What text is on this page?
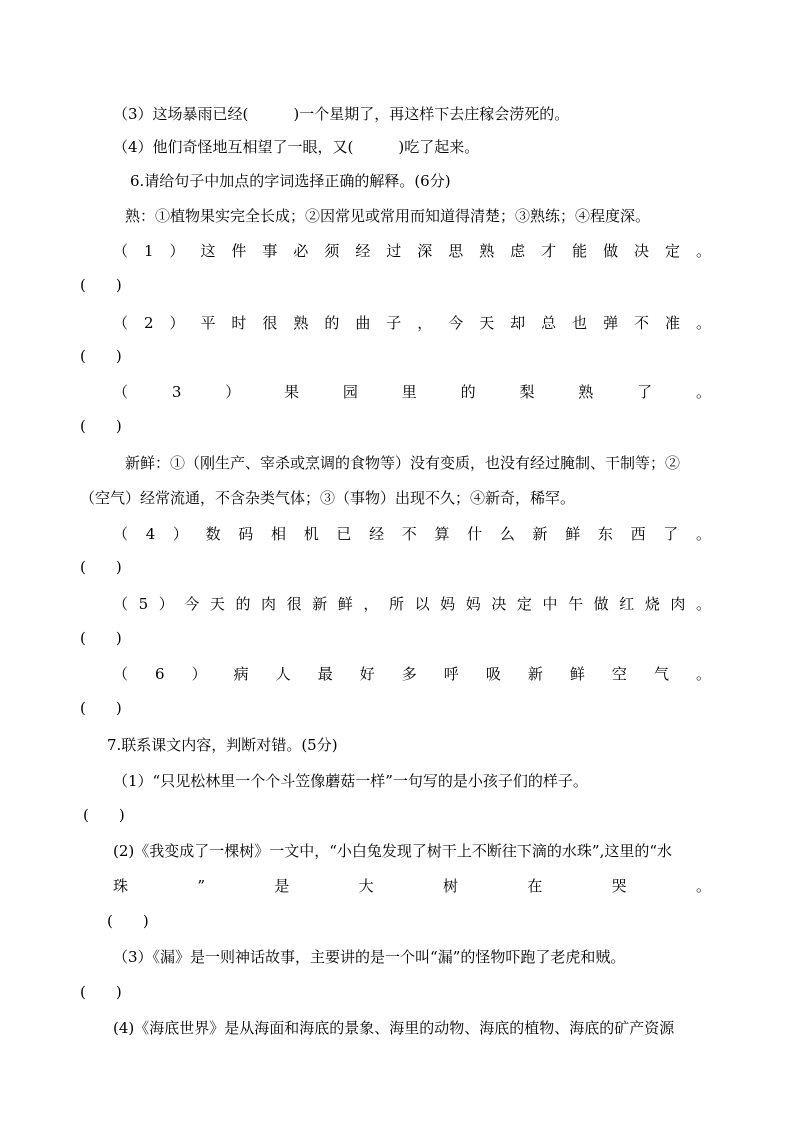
（3）这场暴雨已经(　　　)一个星期了，再这样下去庄稼会涝死的。
（4）他们奇怪地互相望了一眼，又(　　　)吃了起来。
6.请给句子中加点的字词选择正确的解释。(6分)
熟：①植物果实完全长成；②因常见或常用而知道得清楚；③熟练；④程度深。
（1）这件事必须经过深思熟虑才能做决定。
(　　)
（2）平时很熟的曲子，今天却总也弹不准。
(　　)
（3）果园里的梨熟了。
(　　)
新鲜：①（刚生产、宰杀或烹调的食物等）没有变质，也没有经过腌制、干制等；②
（空气）经常流通，不含杂类气体；③（事物）出现不久；④新奇，稀罕。
（4）数码相机已经不算什么新鲜东西了。
(　　)
（5）今天的肉很新鲜，所以妈妈决定中午做红烧肉。
(　　)
（6）病人最好多呼吸新鲜空气。
(　　)
7.联系课文内容，判断对错。(5分)
（1）“只见松林里一个个斗笠像蘑菇一样”一句写的是小孩子们的样子。
(　　)
(2)《我变成了一棵树》一文中，“小白兔发现了树干上不断往下滴的水珠”,这里的“水
珠”是大树在哭。
(　　)
（3）《漏》是一则神话故事，主要讲的是一个叫“漏”的怪物吓跑了老虎和贼。
(　　)
(4)《海底世界》是从海面和海底的景象、海里的动物、海底的植物、海底的矿产资源
